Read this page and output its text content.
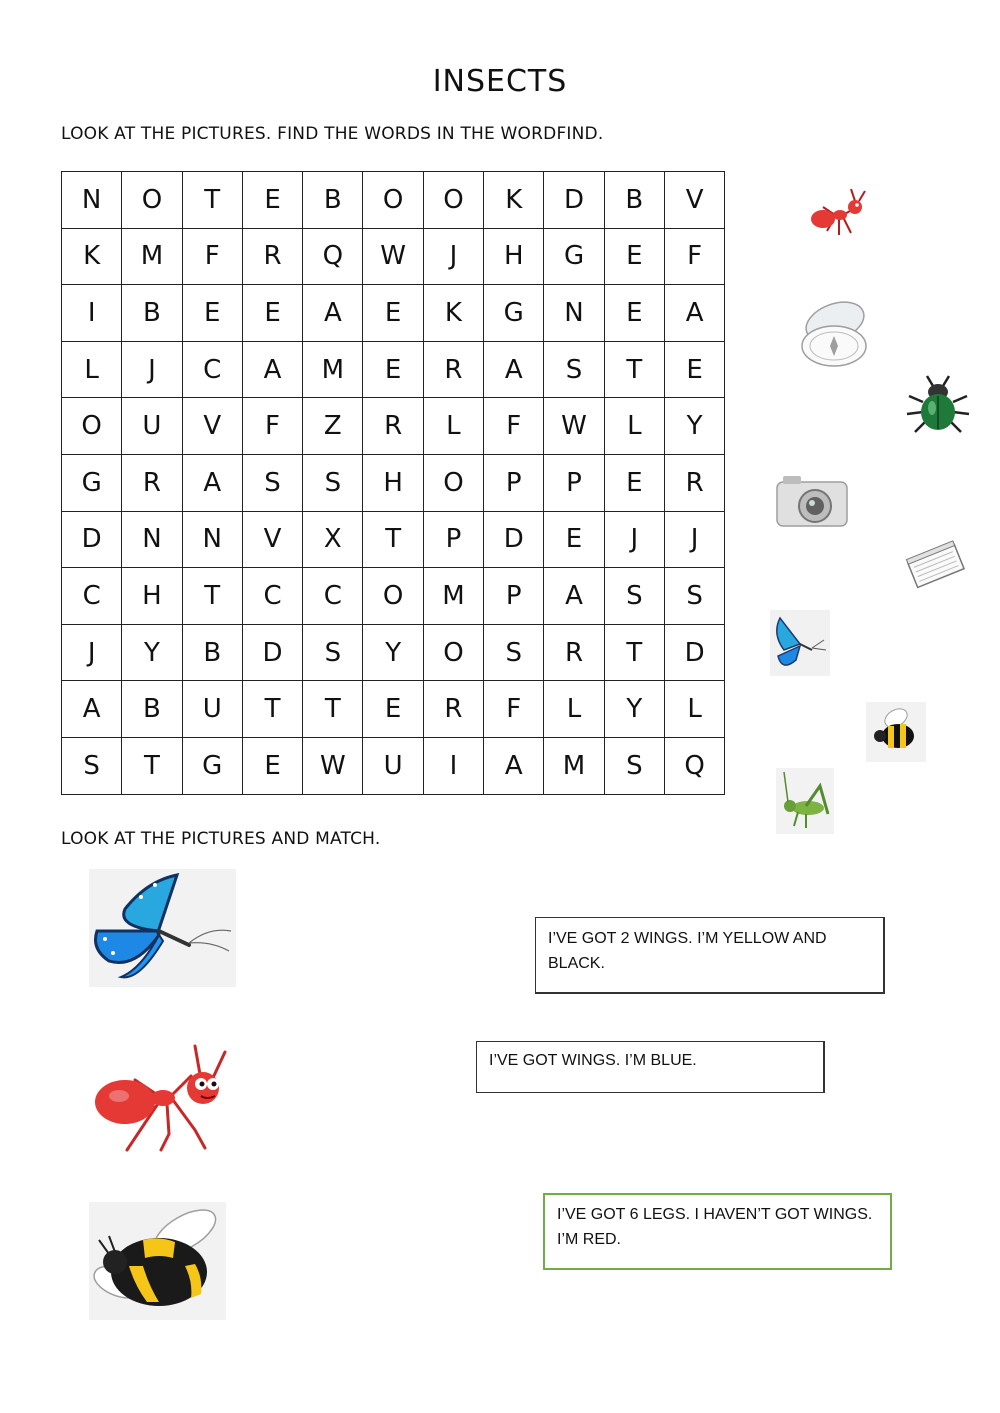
INSECTS

LOOK AT THE PICTURES. FIND THE WORDS IN THE WORDFIND.

N	O	T	E	B	O	O	K	D	B	V
K	M	F	R	Q	W	J	H	G	E	F
I	B	E	E	A	E	K	G	N	E	A
L	J	C	A	M	E	R	A	S	T	E
O	U	V	F	Z	R	L	F	W	L	Y
G	R	A	S	S	H	O	P	P	E	R
D	N	N	V	X	T	P	D	E	J	J
C	H	T	C	C	O	M	P	A	S	S
J	Y	B	D	S	Y	O	S	R	T	D
A	B	U	T	T	E	R	F	L	Y	L
S	T	G	E	W	U	I	A	M	S	Q

LOOK AT THE PICTURES AND MATCH.

I’VE GOT 2 WINGS. I’M YELLOW AND BLACK.
I’VE GOT WINGS. I’M BLUE.
I’VE GOT 6 LEGS. I HAVEN’T GOT WINGS. I’M RED.
